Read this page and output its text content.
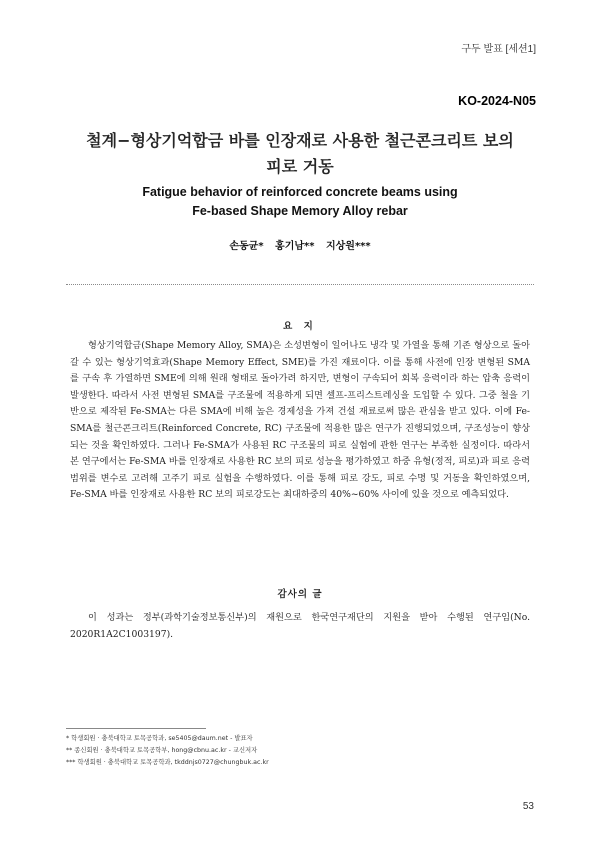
구두 발표 [세션1]
KO-2024-N05
철계−형상기억합금 바를 인장재로 사용한 철근콘크리트 보의
피로 거동
Fatigue behavior of reinforced concrete beams using
Fe-based Shape Memory Alloy rebar
손동균* 홍기남** 지상원***
요 지

형상기억합금(Shape Memory Alloy, SMA)은 소성변형이 일어나도 냉각 및 가열을 통해 기존 형상으로 돌아갈 수 있는 형상기억효과(Shape Memory Effect, SME)를 가진 재료이다. 이를 통해 사전에 인장 변형된 SMA를 구속 후 가열하면 SME에 의해 원래 형태로 돌아가려 하지만, 변형이 구속되어 회복 응력이라 하는 압축 응력이 발생한다. 따라서 사전 변형된 SMA를 구조물에 적용하게 되면 셀프-프리스트레싱을 도입할 수 있다. 그중 철을 기반으로 제작된 Fe-SMA는 다른 SMA에 비해 높은 경제성을 가져 건설 재료로써 많은 관심을 받고 있다. 이에 Fe-SMA를 철근콘크리트(Reinforced Concrete, RC) 구조물에 적용한 많은 연구가 진행되었으며, 구조성능이 향상되는 것을 확인하였다. 그러나 Fe-SMA가 사용된 RC 구조물의 피로 실험에 관한 연구는 부족한 실정이다. 따라서 본 연구에서는 Fe-SMA 바를 인장재로 사용한 RC 보의 피로 성능을 평가하였고 하중 유형(정적, 피로)과 피로 응력범위를 변수로 고려해 고주기 피로 실험을 수행하였다. 이를 통해 피로 강도, 피로 수명 및 거동을 확인하였으며, Fe-SMA 바를 인장재로 사용한 RC 보의 피로강도는 최대하중의 40%~60% 사이에 있을 것으로 예측되었다.

감사의 글

이 성과는 정부(과학기술정보통신부)의 재원으로 한국연구재단의 지원을 받아 수행된 연구임(No. 2020R1A2C1003197).

* 학생회원 · 충북대학교 토목공학과, se5405@daum.net - 발표자
** 종신회원 · 충북대학교 토목공학부, hong@cbnu.ac.kr - 교신저자
*** 학생회원 · 충북대학교 토목공학과, tkddnjs0727@chungbuk.ac.kr
53
